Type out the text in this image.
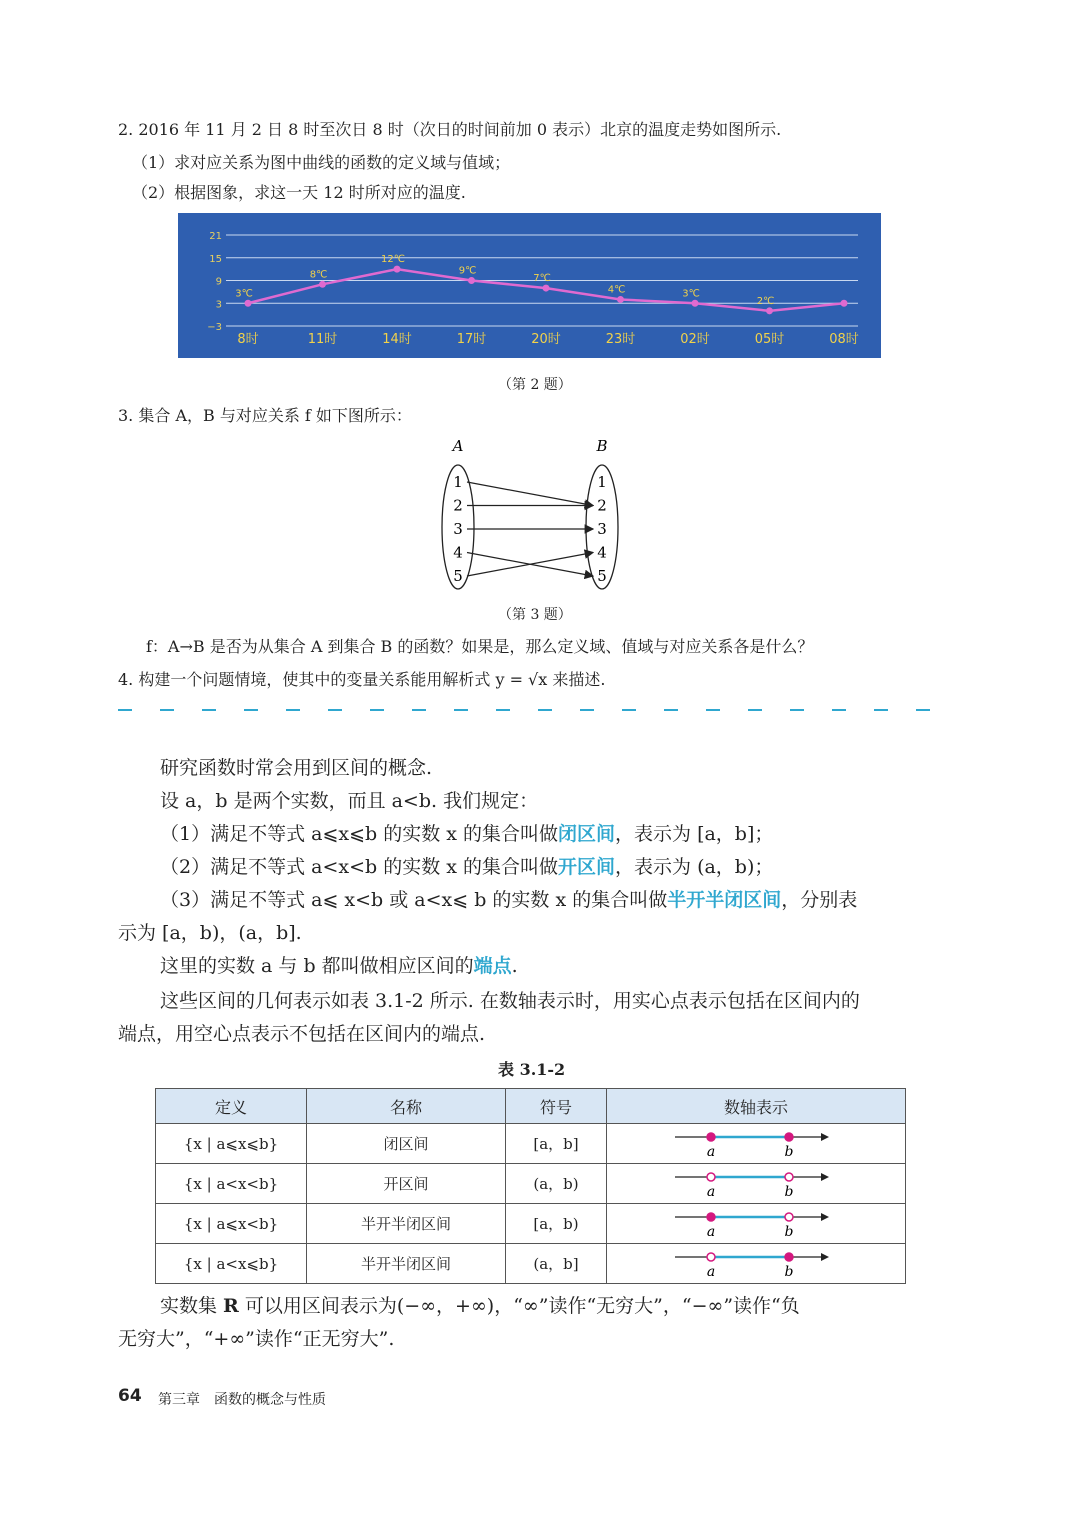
2. 2016 年 11 月 2 日 8 时至次日 8 时（次日的时间前加 0 表示）北京的温度走势如图所示.

（1）求对应关系为图中曲线的函数的定义域与值域；

（2）根据图象，求这一天 12 时所对应的温度.

21
15
9
3
−3
3℃
8时
8℃
11时
12℃
14时
9℃
17时
7℃
20时
4℃
23时
3℃
02时
2℃
05时	08时

（第 2 题）

3. 集合 A，B 与对应关系 f 如下图所示：

A	B
1
2
3
4
5
1
2
3
4
5

（第 3 题）

f：A→B 是否为从集合 A 到集合 B 的函数？如果是，那么定义域、值域与对应关系各是什么？

4. 构建一个问题情境，使其中的变量关系能用解析式 y = √x 来描述.

研究函数时常会用到区间的概念.

设 a，b 是两个实数，而且 a<b. 我们规定：

（1）满足不等式 a⩽x⩽b 的实数 x 的集合叫做闭区间，表示为 [a，b]；

（2）满足不等式 a<x<b 的实数 x 的集合叫做开区间，表示为 (a，b)；

（3）满足不等式 a⩽ x<b 或 a<x⩽ b 的实数 x 的集合叫做半开半闭区间，分别表

示为 [a，b)，(a，b].

这里的实数 a 与 b 都叫做相应区间的端点.

这些区间的几何表示如表 3.1-2 所示. 在数轴表示时，用实心点表示包括在区间内的

端点，用空心点表示不包括在区间内的端点.

表 3.1-2

定义	名称	符号	数轴表示
{x | a⩽x⩽b}	闭区间	[a，b]	a b

{x | a<x<b}	开区间	(a，b)	a b

{x | a⩽x<b}	半开半闭区间	[a，b)	a b

{x | a<x⩽b}	半开半闭区间	(a，b]	a b

实数集 R 可以用区间表示为(−∞，+∞)，“∞”读作“无穷大”，“−∞”读作“负

无穷大”，“+∞”读作“正无穷大”.

64 第三章　函数的概念与性质
